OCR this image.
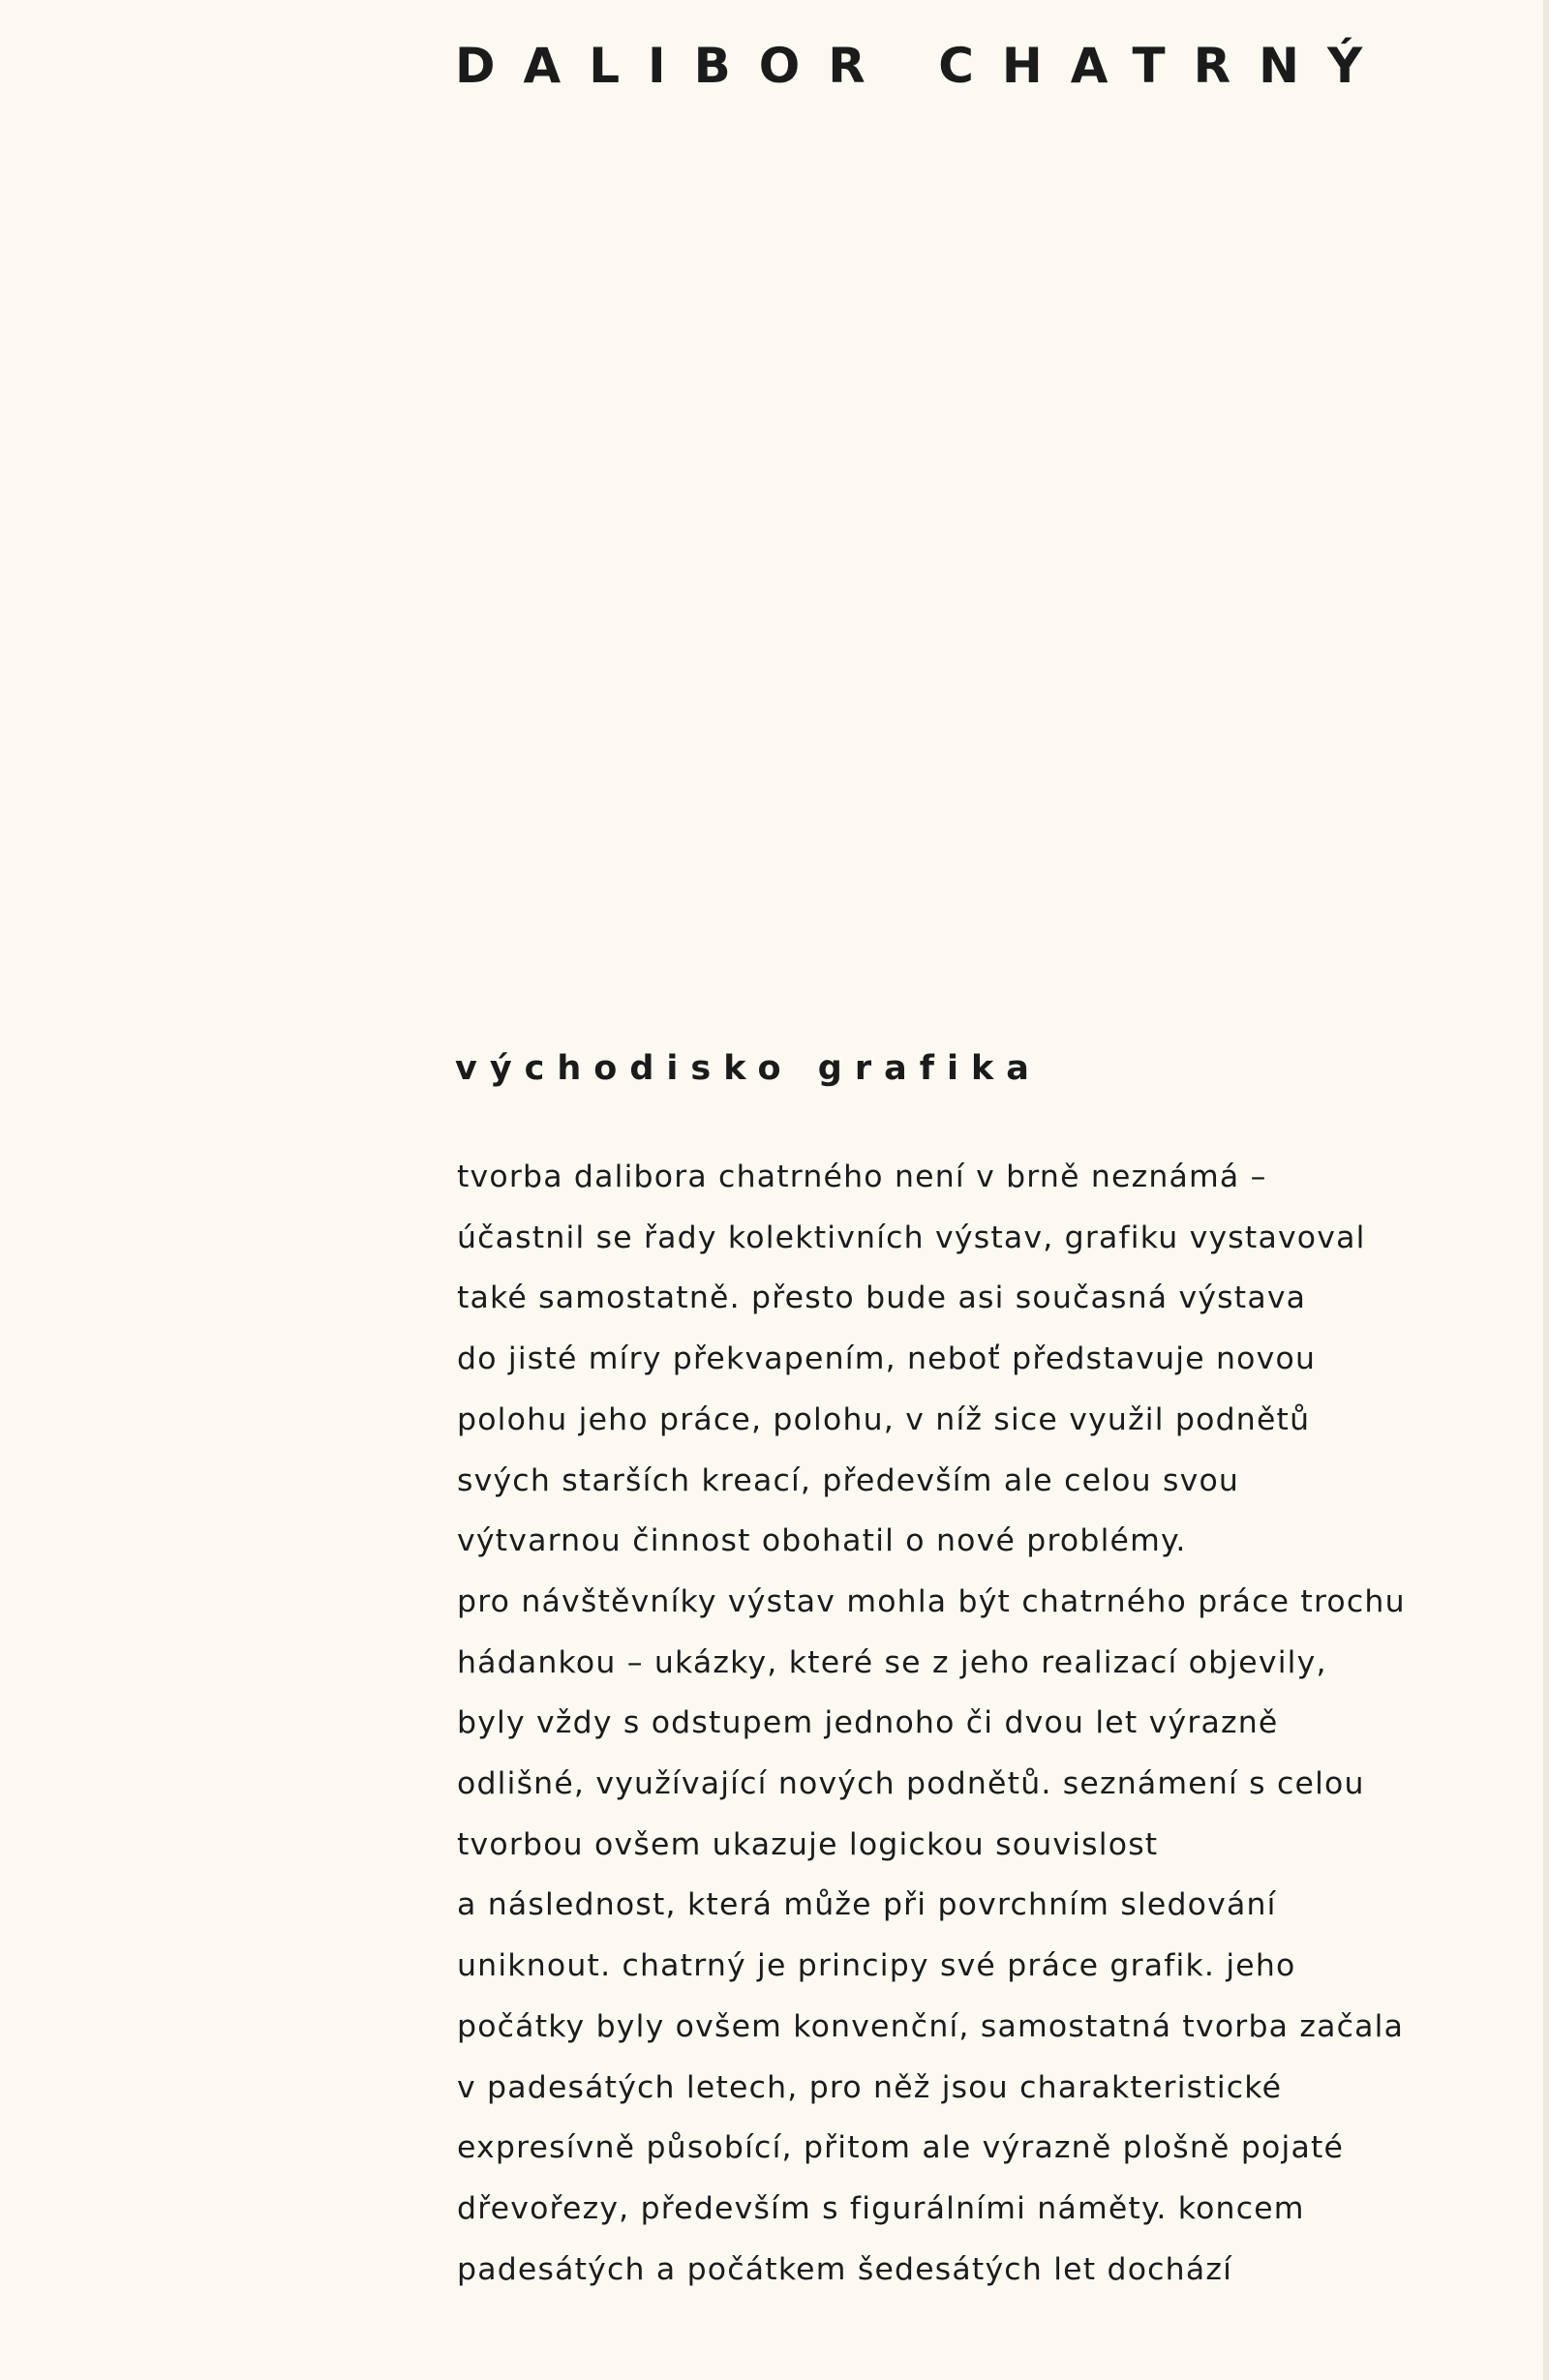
DALIBOR CHATRNÝ
východisko grafika
tvorba dalibora chatrného není v brně neznámá –
účastnil se řady kolektivních výstav, grafiku vystavoval
také samostatně. přesto bude asi současná výstava
do jisté míry překvapením, neboť představuje novou
polohu jeho práce, polohu, v níž sice využil podnětů
svých starších kreací, především ale celou svou
výtvarnou činnost obohatil o nové problémy.
pro návštěvníky výstav mohla být chatrného práce trochu
hádankou – ukázky, které se z jeho realizací objevily,
byly vždy s odstupem jednoho či dvou let výrazně
odlišné, využívající nových podnětů. seznámení s celou
tvorbou ovšem ukazuje logickou souvislost
a následnost, která může při povrchním sledování
uniknout. chatrný je principy své práce grafik. jeho
počátky byly ovšem konvenční, samostatná tvorba začala
v padesátých letech, pro něž jsou charakteristické
expresívně působící, přitom ale výrazně plošně pojaté
dřevořezy, především s figurálními náměty. koncem
padesátých a počátkem šedesátých let dochází
